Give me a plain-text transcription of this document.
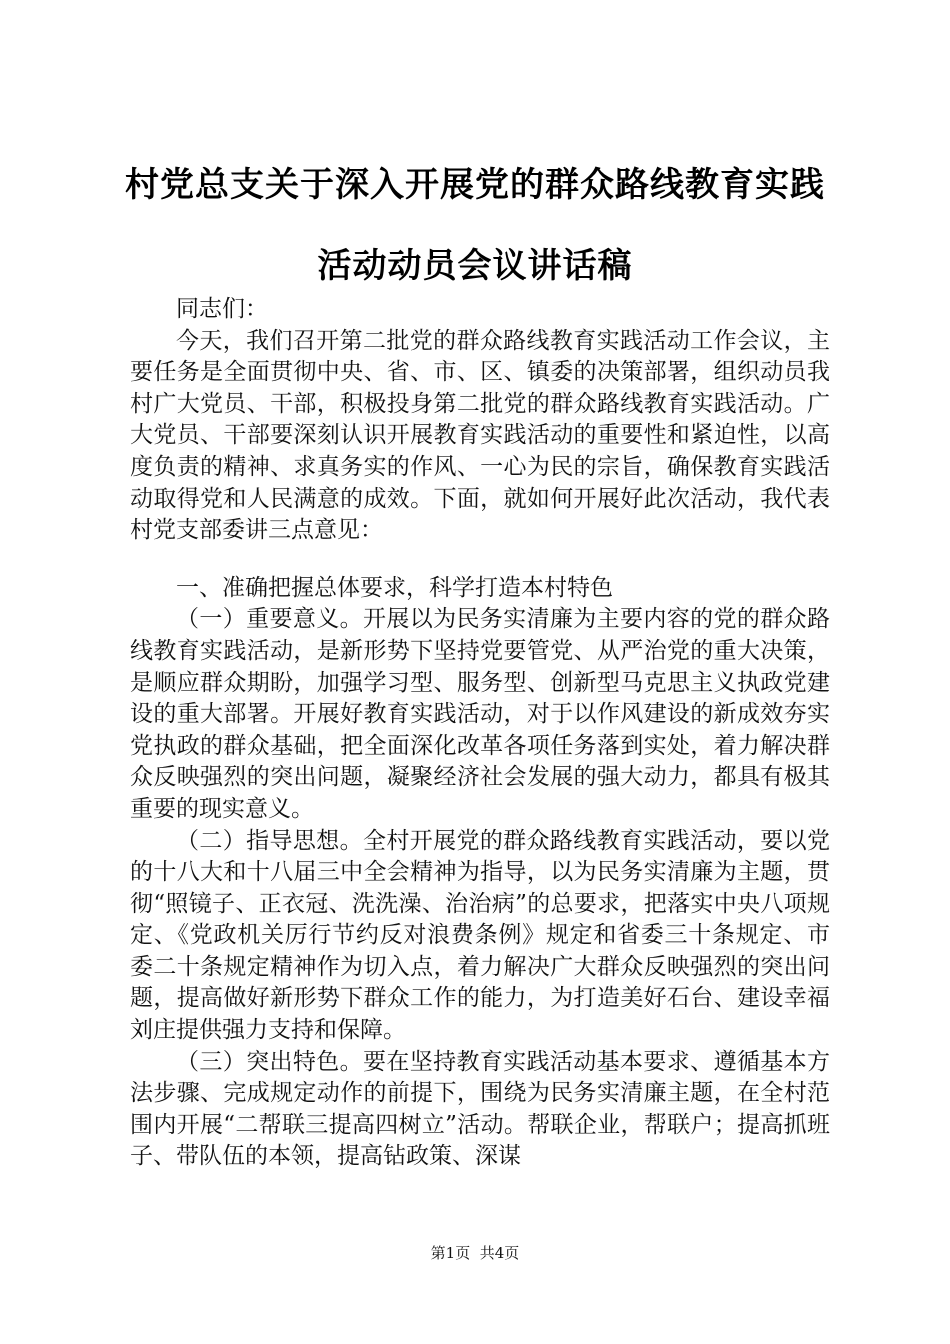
村党总支关于深入开展党的群众路线教育实践
活动动员会议讲话稿

同志们：

今天，我们召开第二批党的群众路线教育实践活动工作会议，主要任务是全面贯彻中央、省、市、区、镇委的决策部署，组织动员我村广大党员、干部，积极投身第二批党的群众路线教育实践活动。广大党员、干部要深刻认识开展教育实践活动的重要性和紧迫性，以高度负责的精神、求真务实的作风、一心为民的宗旨，确保教育实践活动取得党和人民满意的成效。下面，就如何开展好此次活动，我代表村党支部委讲三点意见：

一、准确把握总体要求，科学打造本村特色

（一）重要意义。开展以为民务实清廉为主要内容的党的群众路线教育实践活动，是新形势下坚持党要管党、从严治党的重大决策，是顺应群众期盼，加强学习型、服务型、创新型马克思主义执政党建设的重大部署。开展好教育实践活动，对于以作风建设的新成效夯实党执政的群众基础，把全面深化改革各项任务落到实处，着力解决群众反映强烈的突出问题，凝聚经济社会发展的强大动力，都具有极其重要的现实意义。

（二）指导思想。全村开展党的群众路线教育实践活动，要以党的十八大和十八届三中全会精神为指导，以为民务实清廉为主题，贯彻“照镜子、正衣冠、洗洗澡、治治病”的总要求，把落实中央八项规定、《党政机关厉行节约反对浪费条例》规定和省委三十条规定、市委二十条规定精神作为切入点，着力解决广大群众反映强烈的突出问题，提高做好新形势下群众工作的能力，为打造美好石台、建设幸福刘庄提供强力支持和保障。

（三）突出特色。要在坚持教育实践活动基本要求、遵循基本方法步骤、完成规定动作的前提下，围绕为民务实清廉主题，在全村范围内开展“二帮联三提高四树立”活动。帮联企业，帮联户；提高抓班子、带队伍的本领，提高钻政策、深谋

第1页 共4页
